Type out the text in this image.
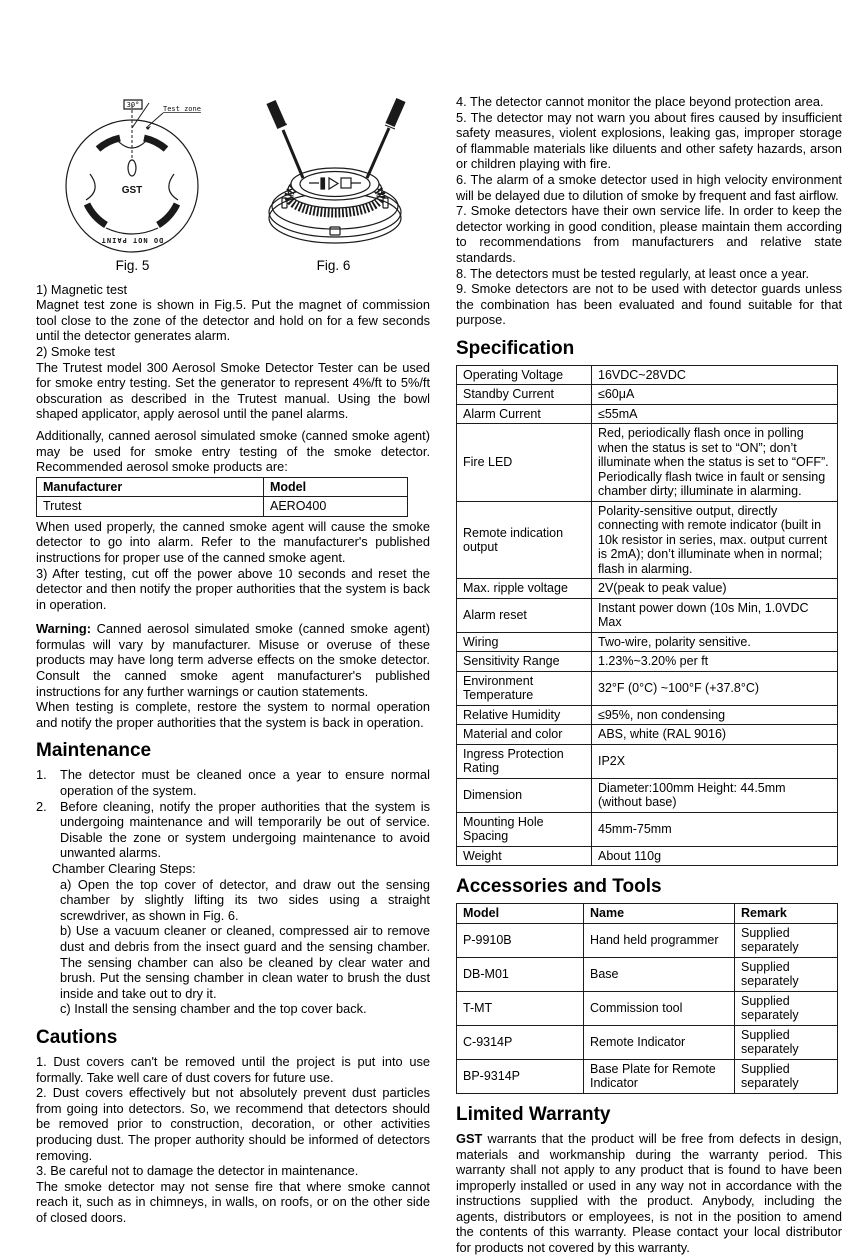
GST
30°	Test zone
DO NOT PAINT
Fig. 5	Fig. 6

1) Magnetic test

Magnet test zone is shown in Fig.5. Put the magnet of commission tool close to the zone of the detector and hold on for a few seconds until the detector generates alarm.

2) Smoke test

The Trutest model 300 Aerosol Smoke Detector Tester can be used for smoke entry testing. Set the generator to represent 4%/ft to 5%/ft obscuration as described in the Trutest manual. Using the bowl shaped applicator, apply aerosol until the panel alarms.

Additionally, canned aerosol simulated smoke (canned smoke agent) may be used for smoke entry testing of the smoke detector. Recommended aerosol smoke products are:

Manufacturer	Model
Trutest	AERO400

When used properly, the canned smoke agent will cause the smoke detector to go into alarm. Refer to the manufacturer's published instructions for proper use of the canned smoke agent.

3) After testing, cut off the power above 10 seconds and reset the detector and then notify the proper authorities that the system is back in operation.

Warning: Canned aerosol simulated smoke (canned smoke agent) formulas will vary by manufacturer. Misuse or overuse of these products may have long term adverse effects on the smoke detector. Consult the canned smoke agent manufacturer's published instructions for any further warnings or caution statements.

When testing is complete, restore the system to normal operation and notify the proper authorities that the system is back in operation.

Maintenance
1.	The detector must be cleaned once a year to ensure normal operation of the system.
2.	Before cleaning, notify the proper authorities that the system is undergoing maintenance and will temporarily be out of service. Disable the zone or system undergoing maintenance to avoid unwanted alarms.

Chamber Clearing Steps:

a) Open the top cover of detector, and draw out the sensing chamber by slightly lifting its two sides using a straight screwdriver, as shown in Fig. 6.

b) Use a vacuum cleaner or cleaned, compressed air to remove dust and debris from the insect guard and the sensing chamber. The sensing chamber can also be cleaned by clear water and brush. Put the sensing chamber in clean water to brush the dust inside and take out to dry it.

c) Install the sensing chamber and the top cover back.

Cautions

1. Dust covers can't be removed until the project is put into use formally. Take well care of dust covers for future use.

2. Dust covers effectively but not absolutely prevent dust particles from going into detectors. So, we recommend that detectors should be removed prior to construction, decoration, or other activities producing dust. The proper authority should be informed of detectors removing.

3. Be careful not to damage the detector in maintenance.

The smoke detector may not sense fire that where smoke cannot reach it, such as in chimneys, in walls, on roofs, or on the other side of closed doors.

4. The detector cannot monitor the place beyond protection area.

5. The detector may not warn you about fires caused by insufficient safety measures, violent explosions, leaking gas, improper storage of flammable materials like diluents and other safety hazards, arson or children playing with fire.

6. The alarm of a smoke detector used in high velocity environment will be delayed due to dilution of smoke by frequent and fast airflow.

7. Smoke detectors have their own service life. In order to keep the detector working in good condition, please maintain them according to recommendations from manufacturers and relative state standards.

8. The detectors must be tested regularly, at least once a year.

9. Smoke detectors are not to be used with detector guards unless the combination has been evaluated and found suitable for that purpose.

Specification
Operating Voltage	16VDC~28VDC
Standby Current	≤60μA
Alarm Current	≤55mA
Fire LED	Red, periodically flash once in polling when the status is set to “ON”; don’t illuminate when the status is set to “OFF”. Periodically flash twice in fault or sensing chamber dirty; illuminate in alarming.
Remote indication output	Polarity-sensitive output, directly connecting with remote indicator (built in 10k resistor in series, max. output current is 2mA); don’t illuminate when in normal; flash in alarming.
Max. ripple voltage	2V(peak to peak value)
Alarm reset	Instant power down (10s Min, 1.0VDC Max
Wiring	Two-wire, polarity sensitive.
Sensitivity Range	1.23%~3.20% per ft
Environment Temperature	32°F (0°C) ~100°F (+37.8°C)
Relative Humidity	≤95%, non condensing
Material and color	ABS, white (RAL 9016)
Ingress Protection Rating	IP2X
Dimension	Diameter:100mm Height: 44.5mm (without base)
Mounting Hole Spacing	45mm-75mm
Weight	About 110g
Accessories and Tools
Model	Name	Remark
P-9910B	Hand held programmer	Supplied separately
DB-M01	Base	Supplied separately
T-MT	Commission tool	Supplied separately
C-9314P	Remote Indicator	Supplied separately
BP-9314P	Base Plate for Remote Indicator	Supplied separately
Limited Warranty

GST warrants that the product will be free from defects in design, materials and workmanship during the warranty period. This warranty shall not apply to any product that is found to have been improperly installed or used in any way not in accordance with the instructions supplied with the product. Anybody, including the agents, distributors or employees, is not in the position to amend the contents of this warranty. Please contact your local distributor for products not covered by this warranty.
